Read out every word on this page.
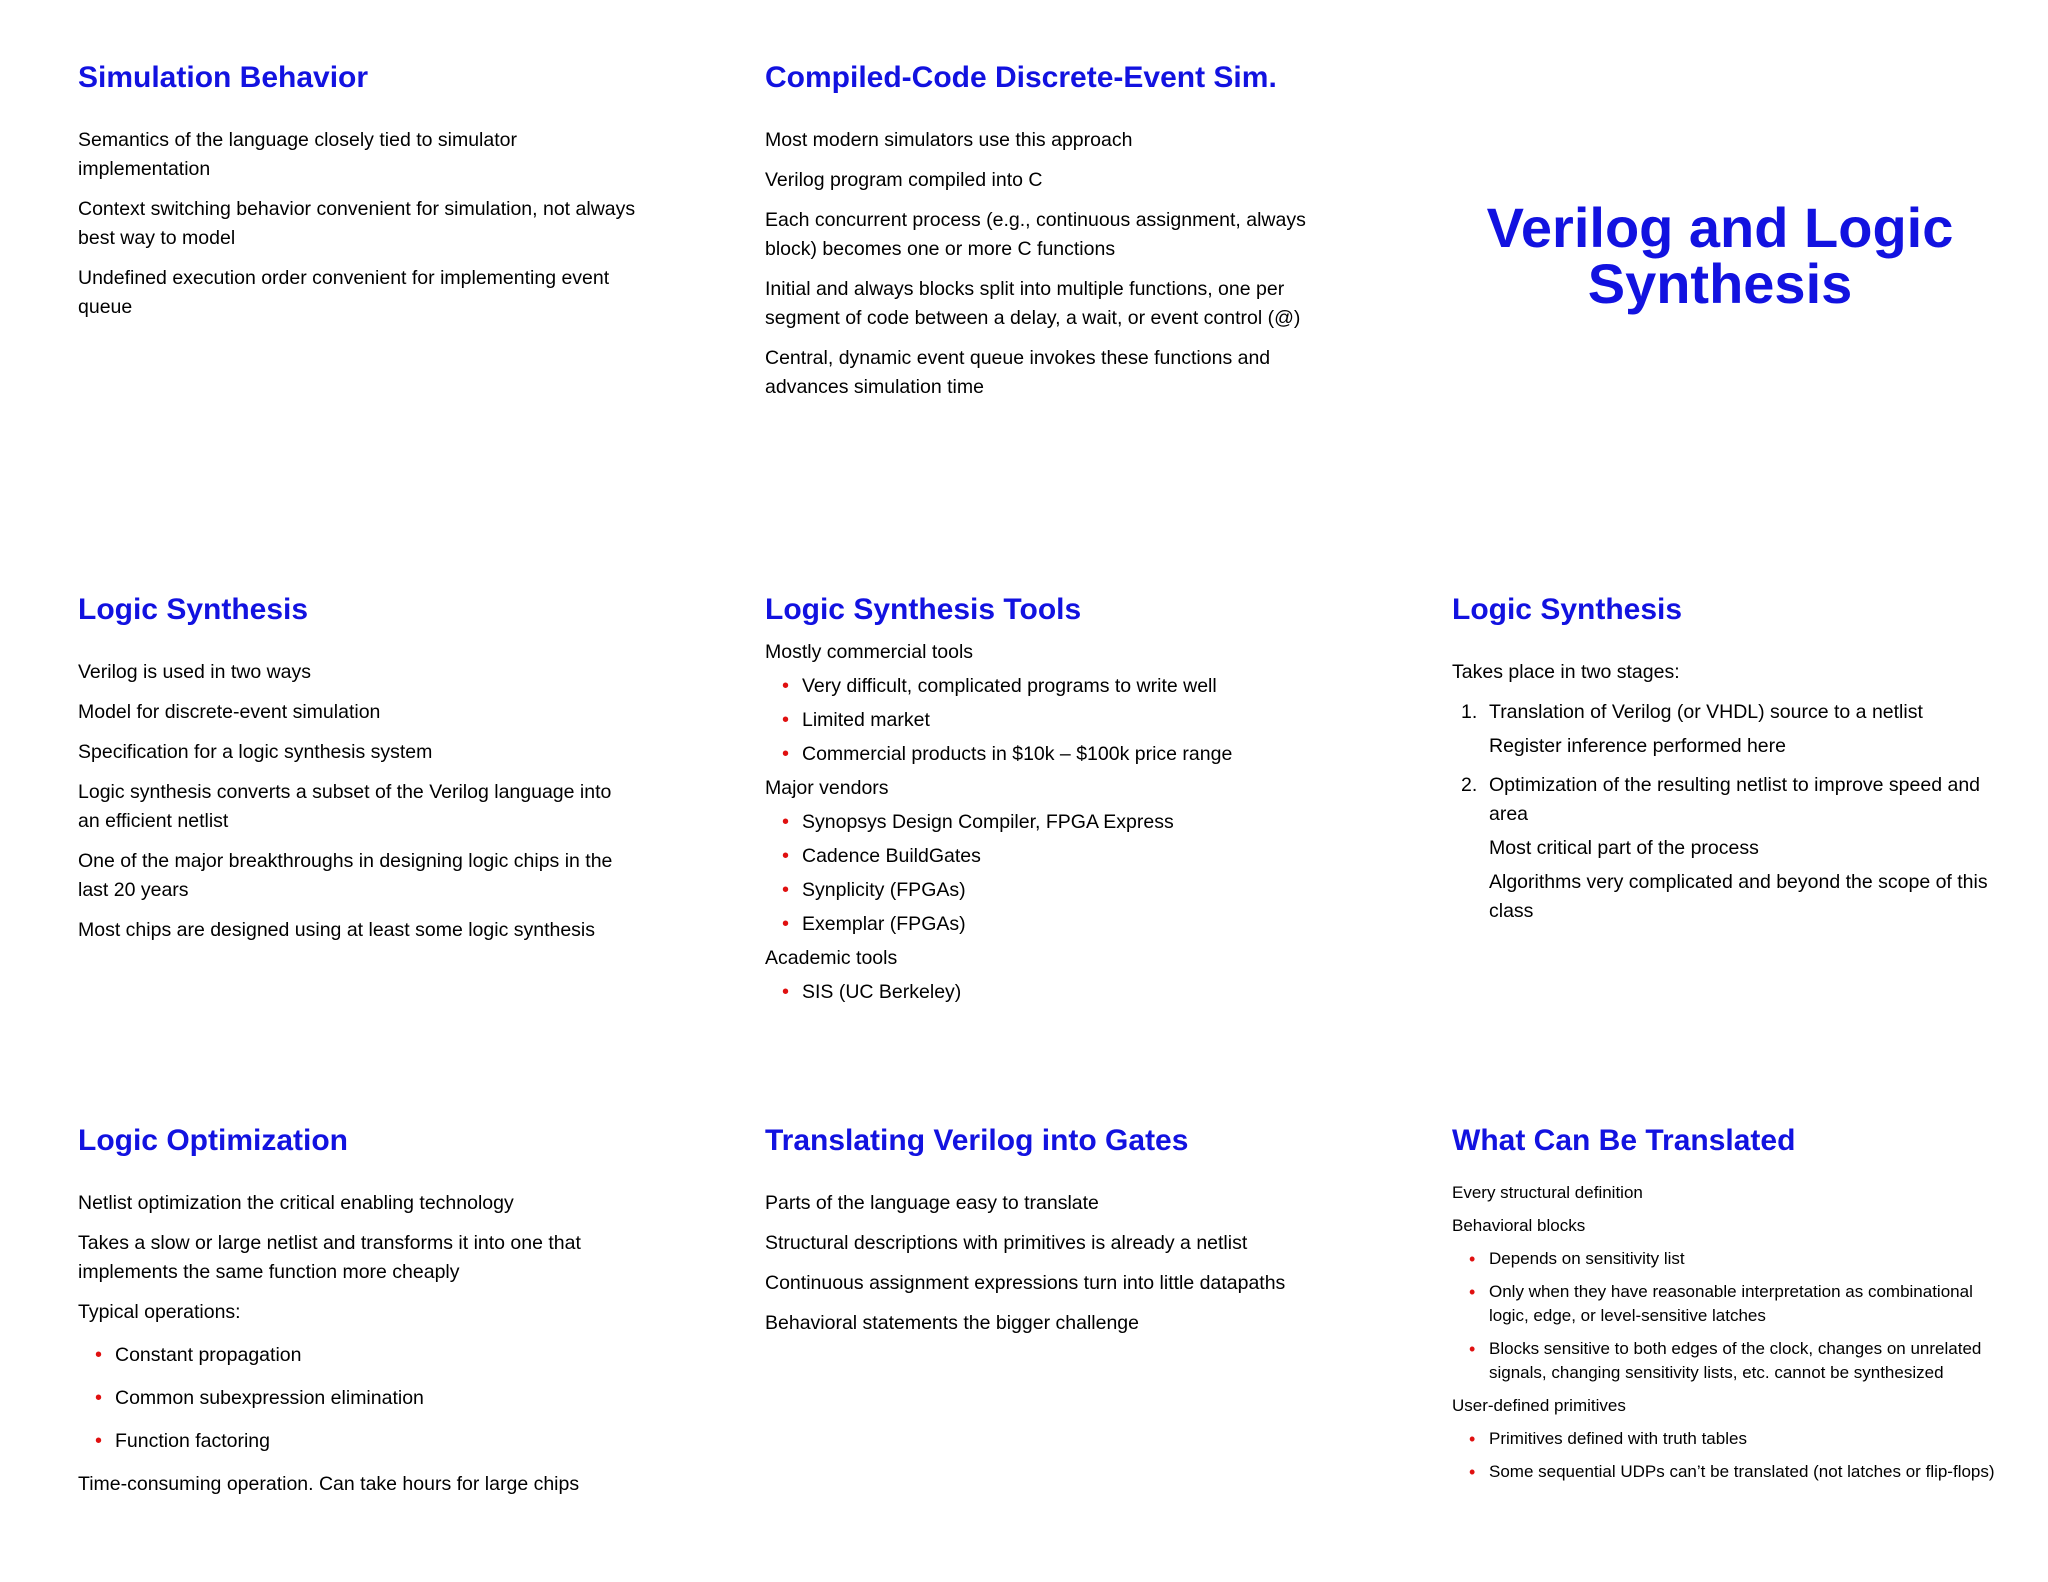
Simulation Behavior

Semantics of the language closely tied to simulator implementation

Context switching behavior convenient for simulation, not always best way to model

Undefined execution order convenient for implementing event queue

Compiled-Code Discrete-Event Sim.

Most modern simulators use this approach

Verilog program compiled into C

Each concurrent process (e.g., continuous assignment, always block) becomes one or more C functions

Initial and always blocks split into multiple functions, one per segment of code between a delay, a wait, or event control (@)

Central, dynamic event queue invokes these functions and advances simulation time

Verilog and Logic
Synthesis
Logic Synthesis

Verilog is used in two ways

Model for discrete-event simulation

Specification for a logic synthesis system

Logic synthesis converts a subset of the Verilog language into an efficient netlist

One of the major breakthroughs in designing logic chips in the last 20 years

Most chips are designed using at least some logic synthesis

Logic Synthesis Tools

Mostly commercial tools

• Very difficult, complicated programs to write well
• Limited market
• Commercial products in $10k – $100k price range

Major vendors

• Synopsys Design Compiler, FPGA Express
• Cadence BuildGates
• Synplicity (FPGAs)
• Exemplar (FPGAs)

Academic tools

• SIS (UC Berkeley)
Logic Synthesis

Takes place in two stages:

1. Translation of Verilog (or VHDL) source to a netlist
Register inference performed here
2. Optimization of the resulting netlist to improve speed and area
Most critical part of the process
Algorithms very complicated and beyond the scope of this class
Logic Optimization

Netlist optimization the critical enabling technology

Takes a slow or large netlist and transforms it into one that implements the same function more cheaply

Typical operations:

• Constant propagation
• Common subexpression elimination
• Function factoring

Time-consuming operation. Can take hours for large chips

Translating Verilog into Gates

Parts of the language easy to translate

Structural descriptions with primitives is already a netlist

Continuous assignment expressions turn into little datapaths

Behavioral statements the bigger challenge

What Can Be Translated

Every structural deﬁnition

Behavioral blocks

• Depends on sensitivity list
• Only when they have reasonable interpretation as combinational logic, edge, or level-sensitive latches
• Blocks sensitive to both edges of the clock, changes on unrelated signals, changing sensitivity lists, etc. cannot be synthesized

User-deﬁned primitives

• Primitives deﬁned with truth tables
• Some sequential UDPs can’t be translated (not latches or ﬂip-ﬂops)
